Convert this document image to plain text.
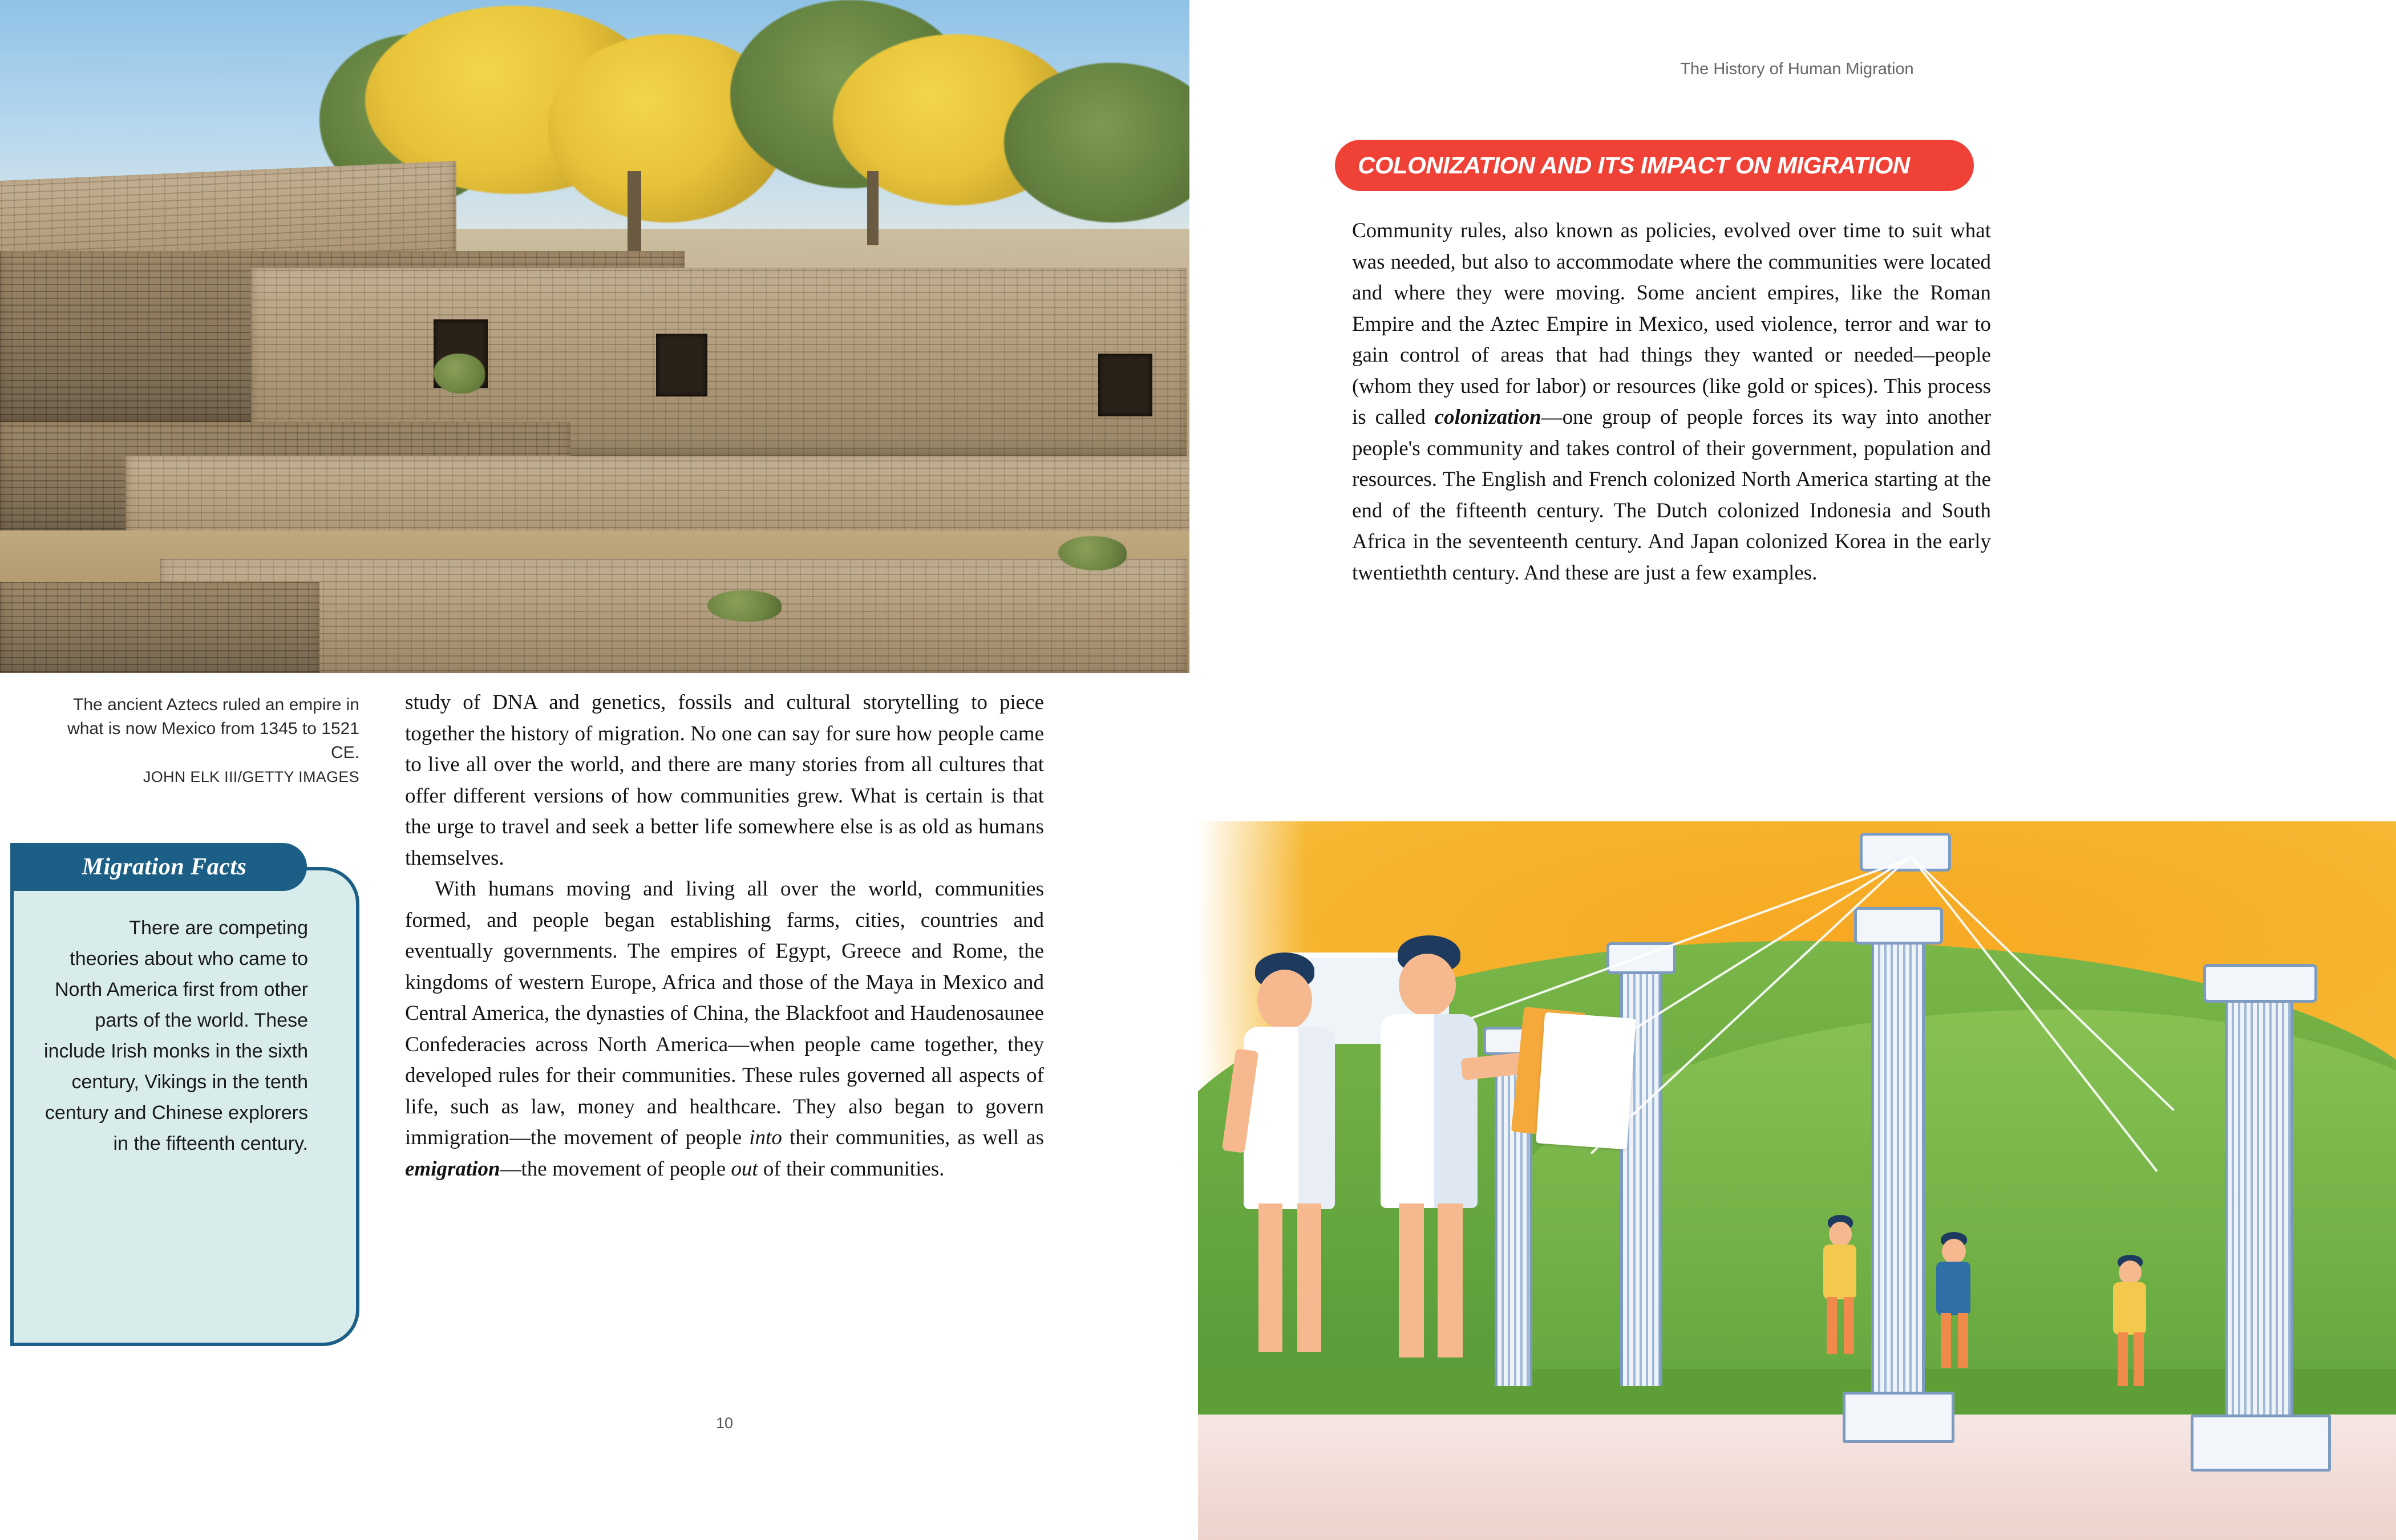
The ancient Aztecs ruled an empire in what is now Mexico from 1345 to 1521 CE.
JOHN ELK III/GETTY IMAGES
Migration Facts
There are competing theories about who came to North America first from other parts of the world. These include Irish monks in the sixth century, Vikings in the tenth century and Chinese explorers in the fifteenth century.

study of DNA and genetics, fossils and cultural storytelling to piece together the history of migration. No one can say for sure how people came to live all over the world, and there are many stories from all cultures that offer different versions of how communities grew. What is certain is that the urge to travel and seek a better life somewhere else is as old as humans themselves.

With humans moving and living all over the world, communities formed, and people began establishing farms, cities, countries and eventually governments. The empires of Egypt, Greece and Rome, the kingdoms of western Europe, Africa and those of the Maya in Mexico and Central America, the dynasties of China, the Blackfoot and Haudenosaunee Confederacies across North America—when people came together, they developed rules for their communities. These rules governed all aspects of life, such as law, money and healthcare. They also began to govern immigration—the movement of people into their communities, as well as emigration—the movement of people out of their communities.

10
The History of Human Migration
COLONIZATION AND ITS IMPACT ON MIGRATION

Community rules, also known as policies, evolved over time to suit what was needed, but also to accommodate where the communities were located and where they were moving. Some ancient empires, like the Roman Empire and the Aztec Empire in Mexico, used violence, terror and war to gain control of areas that had things they wanted or needed—people (whom they used for labor) or resources (like gold or spices). This process is called colonization—one group of people forces its way into another people's community and takes control of their government, population and resources. The English and French colonized North America starting at the end of the fifteenth century. The Dutch colonized Indonesia and South Africa in the seventeenth century. And Japan colonized Korea in the early twentiethth century. And these are just a few examples.
